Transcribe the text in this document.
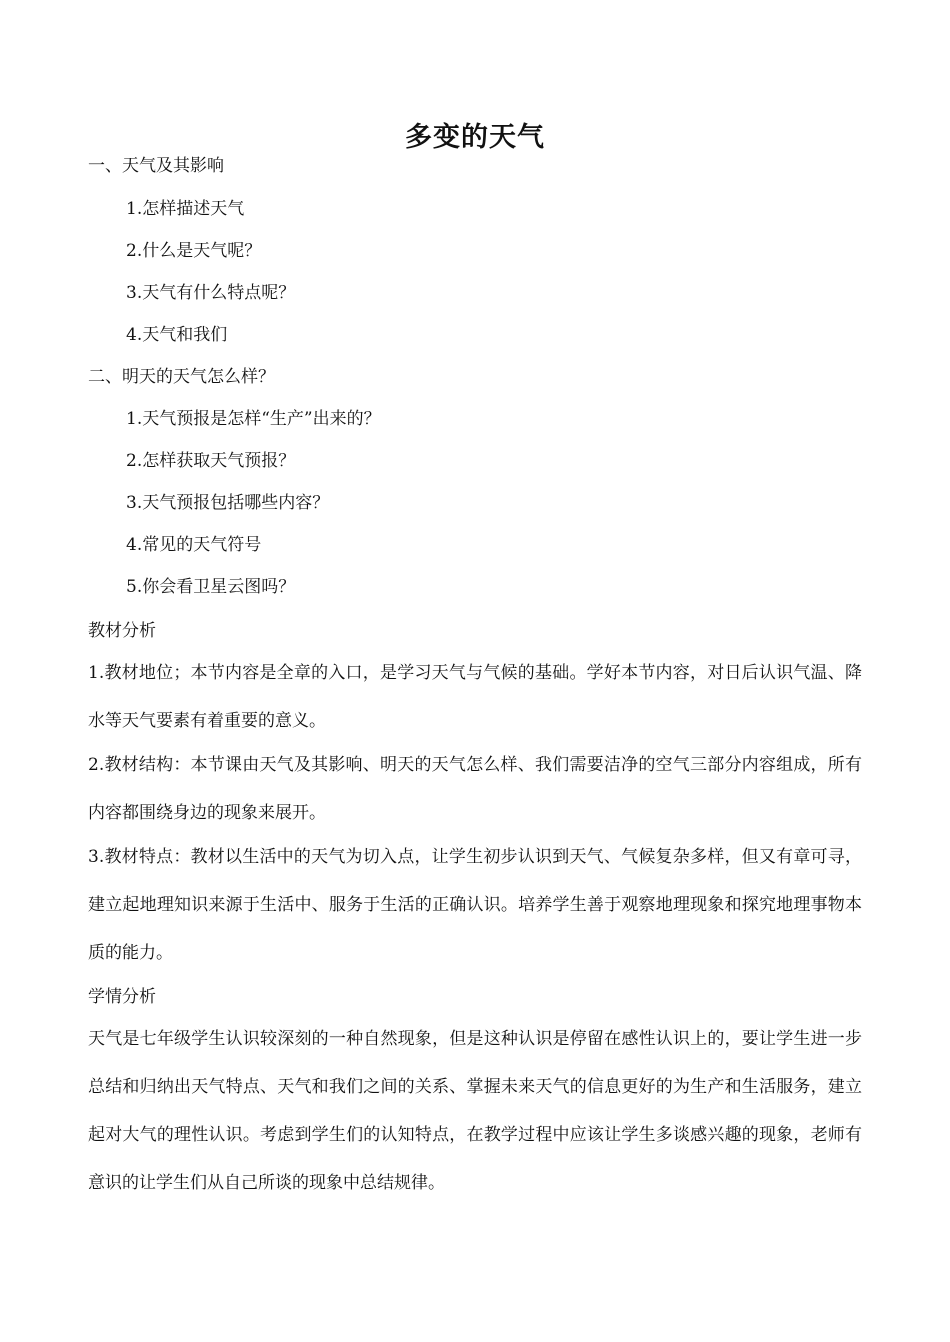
多变的天气

一、天气及其影响

1.怎样描述天气

2.什么是天气呢？

3.天气有什么特点呢？

4.天气和我们

二、明天的天气怎么样？

1.天气预报是怎样“生产”出来的？

2.怎样获取天气预报？

3.天气预报包括哪些内容？

4.常见的天气符号

5.你会看卫星云图吗？

教材分析

1.教材地位；本节内容是全章的入口，是学习天气与气候的基础。学好本节内容，对日后认识气温、降水等天气要素有着重要的意义。

2.教材结构：本节课由天气及其影响、明天的天气怎么样、我们需要洁净的空气三部分内容组成，所有内容都围绕身边的现象来展开。

3.教材特点：教材以生活中的天气为切入点，让学生初步认识到天气、气候复杂多样，但又有章可寻，建立起地理知识来源于生活中、服务于生活的正确认识。培养学生善于观察地理现象和探究地理事物本质的能力。

学情分析

天气是七年级学生认识较深刻的一种自然现象，但是这种认识是停留在感性认识上的，要让学生进一步总结和归纳出天气特点、天气和我们之间的关系、掌握未来天气的信息更好的为生产和生活服务，建立起对大气的理性认识。考虑到学生们的认知特点，在教学过程中应该让学生多谈感兴趣的现象，老师有意识的让学生们从自己所谈的现象中总结规律。
